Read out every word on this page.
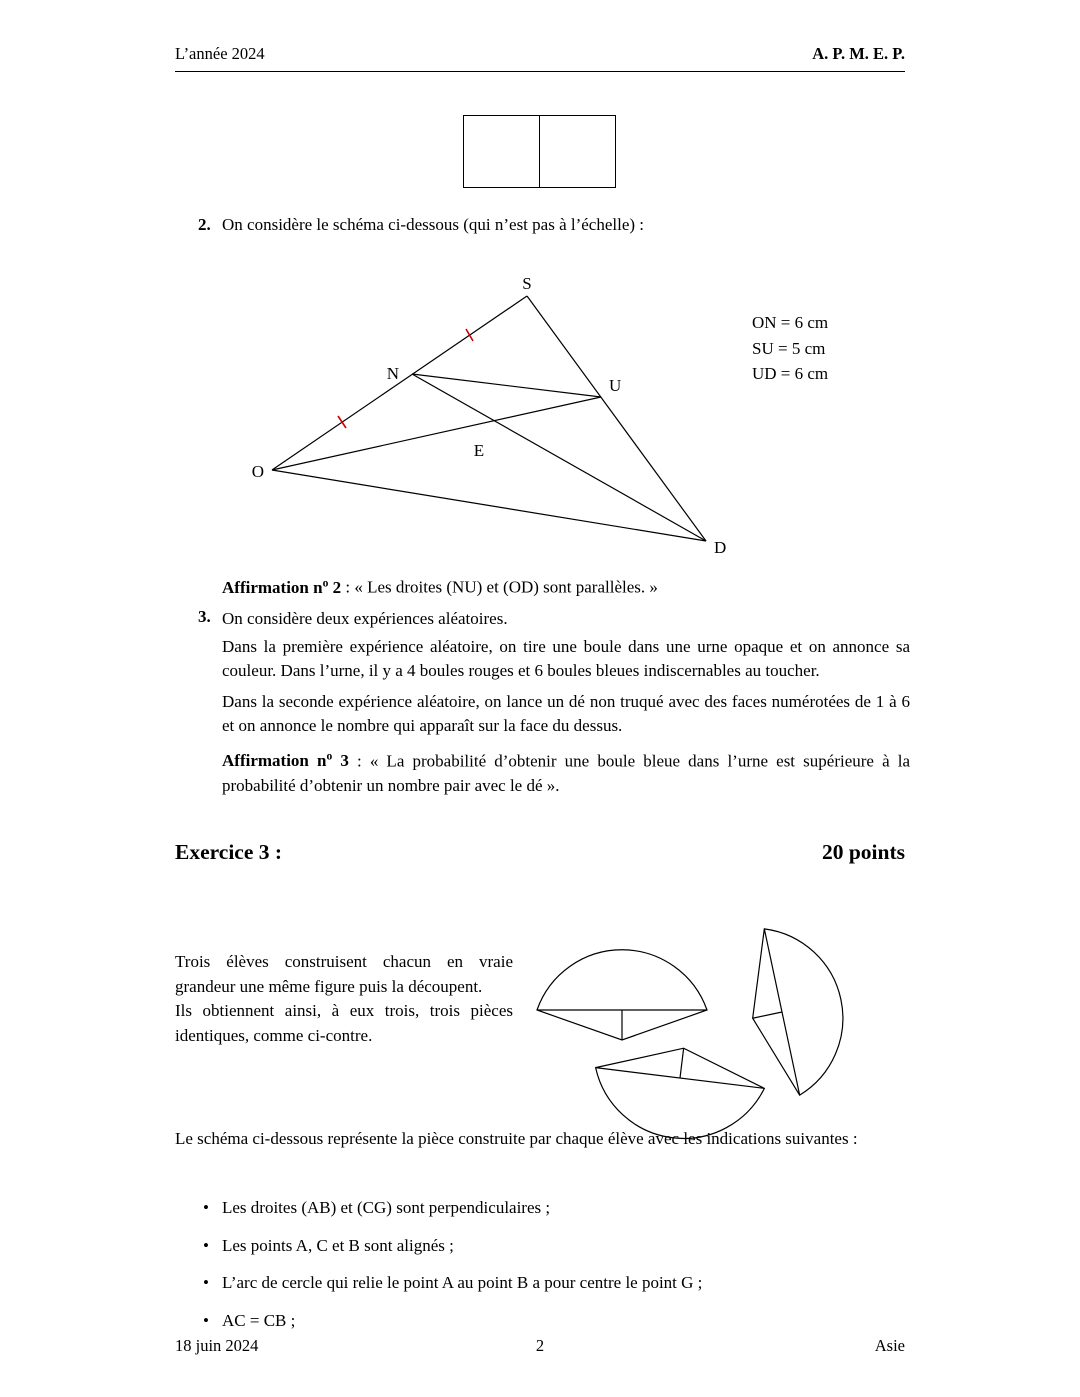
L’année 2024	A. P. M. E. P.
2. On considère le schéma ci-dessous (qui n’est pas à l’échelle) :
S
N
U
E
O
D
ON = 6 cm
SU = 5 cm
UD = 6 cm
Affirmation $n^o$ 2 : « Les droites (NU) et (OD) sont parallèles. »
3. On considère deux expériences aléatoires.

Dans la première expérience aléatoire, on tire une boule dans une urne opaque et on annonce sa couleur. Dans l’urne, il y a 4 boules rouges et 6 boules bleues indiscernables au toucher.

Dans la seconde expérience aléatoire, on lance un dé non truqué avec des faces numérotées de 1 à 6 et on annonce le nombre qui apparaît sur la face du dessus.

Affirmation $n^o$ 3 : « La probabilité d’obtenir une boule bleue dans l’urne est supérieure à la probabilité d’obtenir un nombre pair avec le dé ».

Exercice 3 :	20 points

Trois élèves construisent chacun en vraie grandeur une même figure puis la découpent.

Ils obtiennent ainsi, à eux trois, trois pièces identiques, comme ci-contre.

Le schéma ci-dessous représente la pièce construite par chaque élève avec les indications suivantes :
• Les droites (AB) et (CG) sont perpendiculaires ;
• Les points A, C et B sont alignés ;
• L’arc de cercle qui relie le point A au point B a pour centre le point G ;
• AC = CB ;
18 juin 2024	2	Asie
